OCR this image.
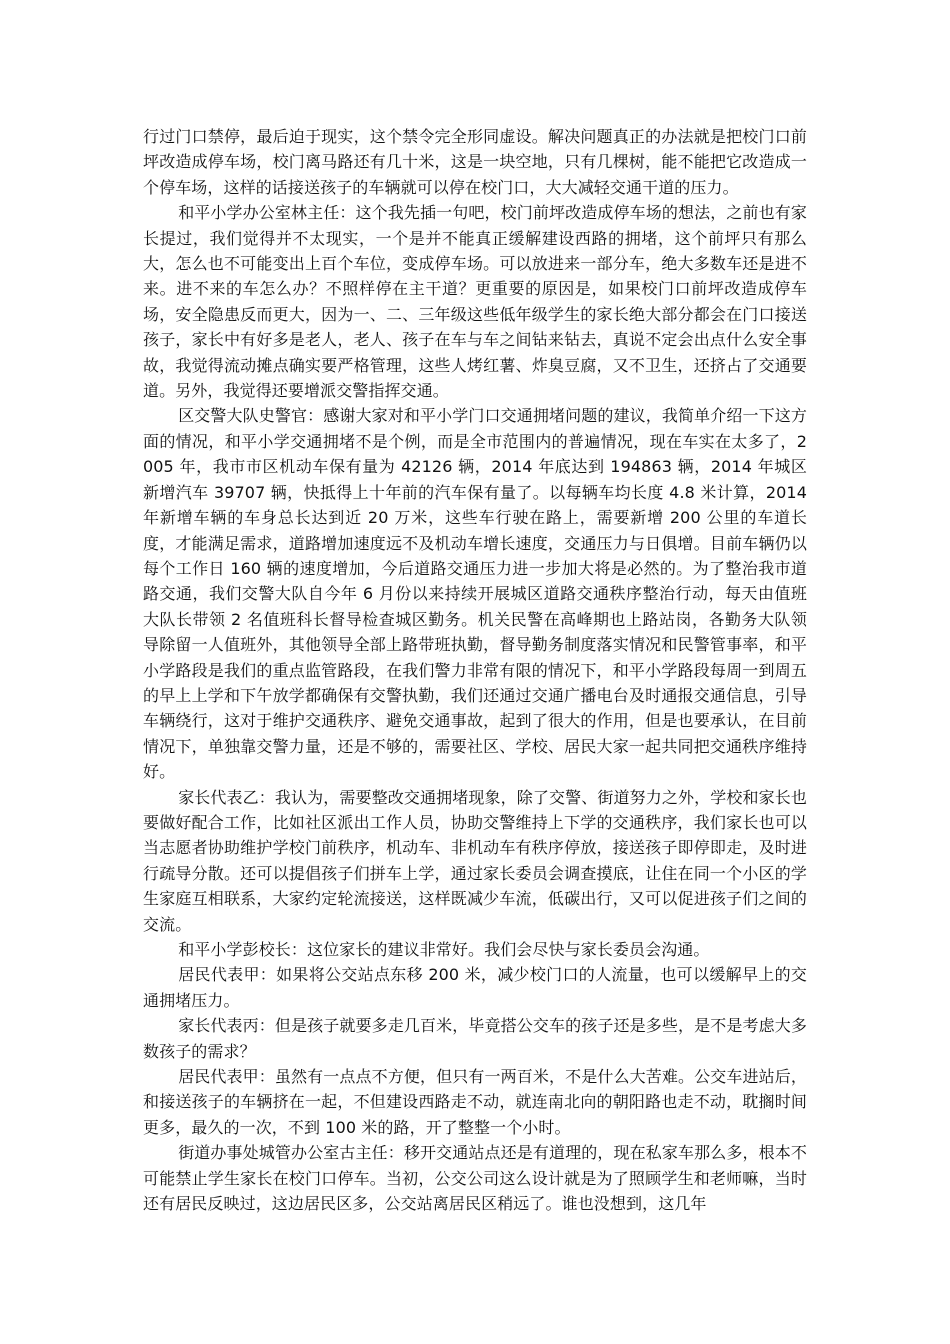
行过门口禁停，最后迫于现实，这个禁令完全形同虚设。解决问题真正的办法就是把校门口前坪改造成停车场，校门离马路还有几十米，这是一块空地，只有几棵树，能不能把它改造成一个停车场，这样的话接送孩子的车辆就可以停在校门口，大大减轻交通干道的压力。

和平小学办公室林主任：这个我先插一句吧，校门前坪改造成停车场的想法，之前也有家长提过，我们觉得并不太现实，一个是并不能真正缓解建设西路的拥堵，这个前坪只有那么大，怎么也不可能变出上百个车位，变成停车场。可以放进来一部分车，绝大多数车还是进不来。进不来的车怎么办？不照样停在主干道？更重要的原因是，如果校门口前坪改造成停车场，安全隐患反而更大，因为一、二、三年级这些低年级学生的家长绝大部分都会在门口接送孩子，家长中有好多是老人，老人、孩子在车与车之间钻来钻去，真说不定会出点什么安全事故，我觉得流动摊点确实要严格管理，这些人烤红薯、炸臭豆腐，又不卫生，还挤占了交通要道。另外，我觉得还要增派交警指挥交通。

区交警大队史警官：感谢大家对和平小学门口交通拥堵问题的建议，我简单介绍一下这方面的情况，和平小学交通拥堵不是个例，而是全市范围内的普遍情况，现在车实在太多了，2005 年，我市市区机动车保有量为 42126 辆，2014 年底达到 194863 辆，2014 年城区新增汽车 39707 辆，快抵得上十年前的汽车保有量了。以每辆车均长度 4.8 米计算，2014 年新增车辆的车身总长达到近 20 万米，这些车行驶在路上，需要新增 200 公里的车道长度，才能满足需求，道路增加速度远不及机动车增长速度，交通压力与日俱增。目前车辆仍以每个工作日 160 辆的速度增加，今后道路交通压力进一步加大将是必然的。为了整治我市道路交通，我们交警大队自今年 6 月份以来持续开展城区道路交通秩序整治行动，每天由值班大队长带领 2 名值班科长督导检查城区勤务。机关民警在高峰期也上路站岗，各勤务大队领导除留一人值班外，其他领导全部上路带班执勤，督导勤务制度落实情况和民警管事率，和平小学路段是我们的重点监管路段，在我们警力非常有限的情况下，和平小学路段每周一到周五的早上上学和下午放学都确保有交警执勤，我们还通过交通广播电台及时通报交通信息，引导车辆绕行，这对于维护交通秩序、避免交通事故，起到了很大的作用，但是也要承认，在目前情况下，单独靠交警力量，还是不够的，需要社区、学校、居民大家一起共同把交通秩序维持好。

家长代表乙：我认为，需要整改交通拥堵现象，除了交警、街道努力之外，学校和家长也要做好配合工作，比如社区派出工作人员，协助交警维持上下学的交通秩序，我们家长也可以当志愿者协助维护学校门前秩序，机动车、非机动车有秩序停放，接送孩子即停即走，及时进行疏导分散。还可以提倡孩子们拼车上学，通过家长委员会调查摸底，让住在同一个小区的学生家庭互相联系，大家约定轮流接送，这样既减少车流，低碳出行，又可以促进孩子们之间的交流。

和平小学彭校长：这位家长的建议非常好。我们会尽快与家长委员会沟通。

居民代表甲：如果将公交站点东移 200 米，减少校门口的人流量，也可以缓解早上的交通拥堵压力。

家长代表丙：但是孩子就要多走几百米，毕竟搭公交车的孩子还是多些，是不是考虑大多数孩子的需求？

居民代表甲：虽然有一点点不方便，但只有一两百米，不是什么大苦难。公交车进站后，和接送孩子的车辆挤在一起，不但建设西路走不动，就连南北向的朝阳路也走不动，耽搁时间更多，最久的一次，不到 100 米的路，开了整整一个小时。

街道办事处城管办公室古主任：移开交通站点还是有道理的，现在私家车那么多，根本不可能禁止学生家长在校门口停车。当初，公交公司这么设计就是为了照顾学生和老师嘛，当时还有居民反映过，这边居民区多，公交站离居民区稍远了。谁也没想到，这几年
